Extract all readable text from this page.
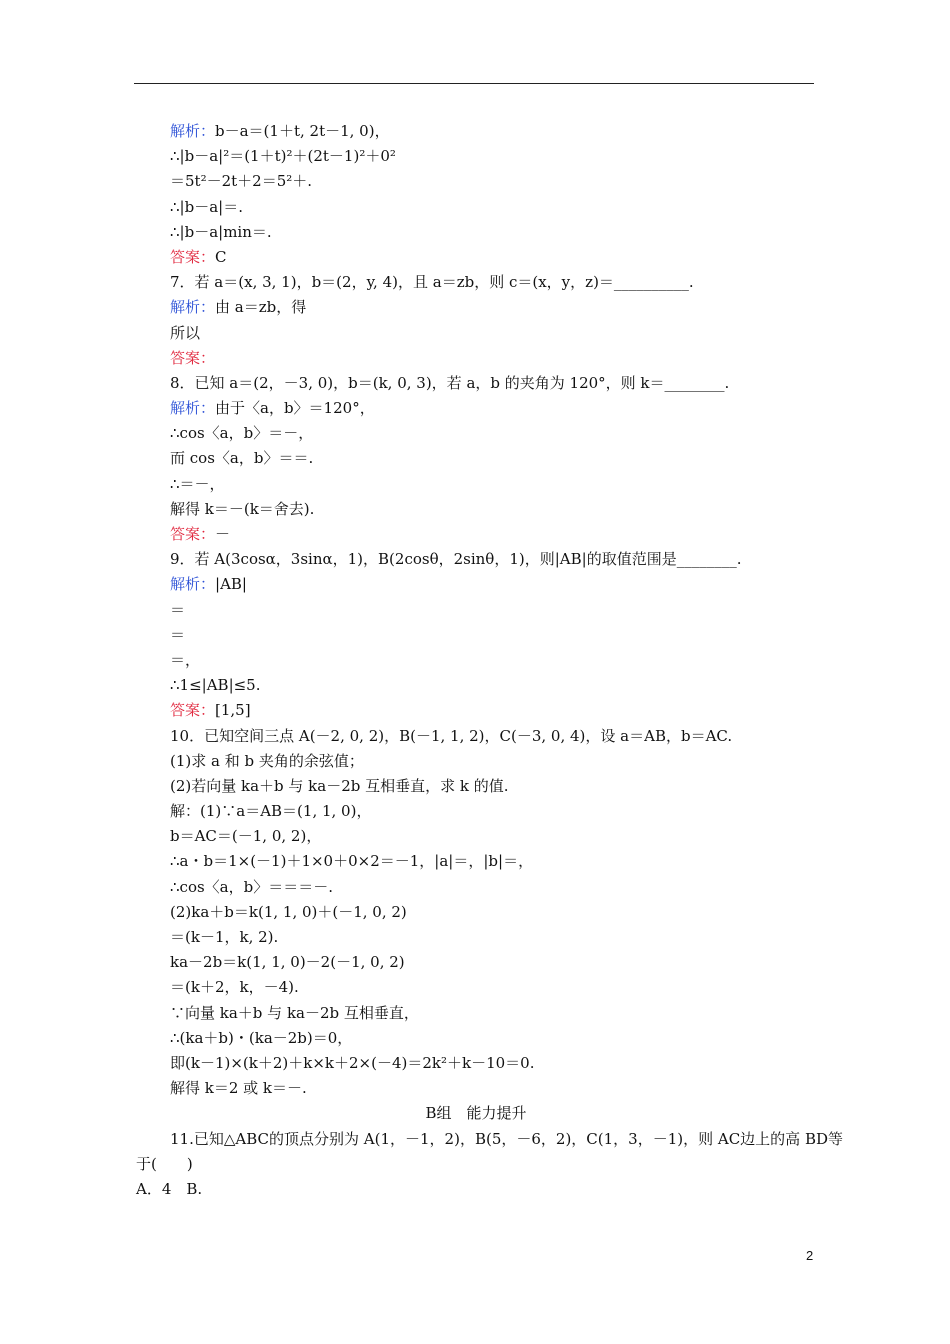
解析：b－a＝(1＋t, 2t－1, 0)，
∴|b－a|²＝(1＋t)²＋(2t－1)²＋0²
＝5t²－2t＋2＝5²＋.
∴|b－a|＝.
∴|b－a|min＝.
答案：C
7．若 a＝(x, 3, 1)，b＝(2，y, 4)，且 a＝zb，则 c＝(x，y，z)＝__________.
解析：由 a＝zb，得
所以
答案：
8．已知 a＝(2，－3, 0)，b＝(k, 0, 3)，若 a，b 的夹角为 120°，则 k＝________.
解析：由于〈a，b〉＝120°，
∴cos〈a，b〉＝－，
而 cos〈a，b〉＝＝.
∴＝－，
解得 k＝－(k＝舍去).
答案：－
9．若 A(3cosα，3sinα，1)，B(2cosθ，2sinθ，1)，则|AB|的取值范围是________.
解析：|AB|
＝
＝
＝，
∴1≤|AB|≤5.
答案：[1,5]
10．已知空间三点 A(－2, 0, 2)，B(－1, 1, 2)，C(－3, 0, 4)，设 a＝AB，b＝AC.
(1)求 a 和 b 夹角的余弦值；
(2)若向量 ka＋b 与 ka－2b 互相垂直，求 k 的值.
解：(1)∵a＝AB＝(1, 1, 0)，
b＝AC＝(－1, 0, 2)，
∴a・b＝1×(－1)＋1×0＋0×2＝－1，|a|＝，|b|＝，
∴cos〈a，b〉＝＝＝－.
(2)ka＋b＝k(1, 1, 0)＋(－1, 0, 2)
＝(k－1，k, 2).
ka－2b＝k(1, 1, 0)－2(－1, 0, 2)
＝(k＋2，k，－4).
∵向量 ka＋b 与 ka－2b 互相垂直，
∴(ka＋b)・(ka－2b)＝0，
即(k－1)×(k＋2)＋k×k＋2×(－4)＝2k²＋k－10＝0.
解得 k＝2 或 k＝－.
B组　能力提升
11.已知△ABC的顶点分别为 A(1，－1，2)，B(5，－6，2)，C(1，3，－1)，则 AC边上的高 BD等
于(　　)
A．4　B.
2
